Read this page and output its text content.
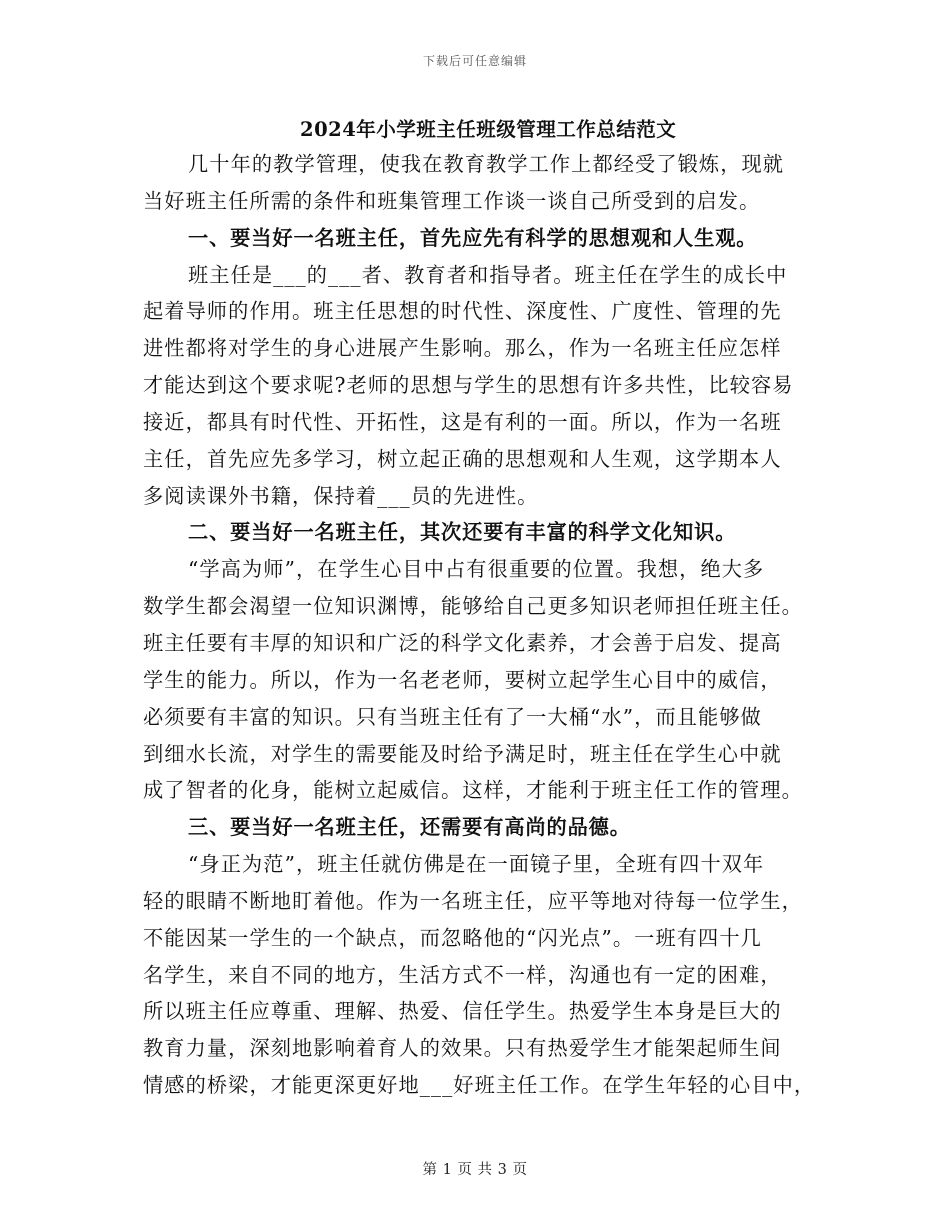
下载后可任意编辑
2024年小学班主任班级管理工作总结范文
几十年的教学管理，使我在教育教学工作上都经受了锻炼，现就
当好班主任所需的条件和班集管理工作谈一谈自己所受到的启发。
一、要当好一名班主任，首先应先有科学的思想观和人生观。
班主任是___的___者、教育者和指导者。班主任在学生的成长中
起着导师的作用。班主任思想的时代性、深度性、广度性、管理的先
进性都将对学生的身心进展产生影响。那么，作为一名班主任应怎样
才能达到这个要求呢?老师的思想与学生的思想有许多共性，比较容易
接近，都具有时代性、开拓性，这是有利的一面。所以，作为一名班
主任，首先应先多学习，树立起正确的思想观和人生观，这学期本人
多阅读课外书籍，保持着___员的先进性。
二、要当好一名班主任，其次还要有丰富的科学文化知识。
“学高为师”，在学生心目中占有很重要的位置。我想，绝大多
数学生都会渴望一位知识渊博，能够给自己更多知识老师担任班主任。
班主任要有丰厚的知识和广泛的科学文化素养，才会善于启发、提高
学生的能力。所以，作为一名老老师，要树立起学生心目中的威信，
必须要有丰富的知识。只有当班主任有了一大桶“水”，而且能够做
到细水长流，对学生的需要能及时给予满足时，班主任在学生心中就
成了智者的化身，能树立起威信。这样，才能利于班主任工作的管理。
三、要当好一名班主任，还需要有高尚的品德。
“身正为范”，班主任就仿佛是在一面镜子里，全班有四十双年
轻的眼睛不断地盯着他。作为一名班主任，应平等地对待每一位学生，
不能因某一学生的一个缺点，而忽略他的“闪光点”。一班有四十几
名学生，来自不同的地方，生活方式不一样，沟通也有一定的困难，
所以班主任应尊重、理解、热爱、信任学生。热爱学生本身是巨大的
教育力量，深刻地影响着育人的效果。只有热爱学生才能架起师生间
情感的桥梁，才能更深更好地___好班主任工作。在学生年轻的心目中，
第 1 页 共 3 页
